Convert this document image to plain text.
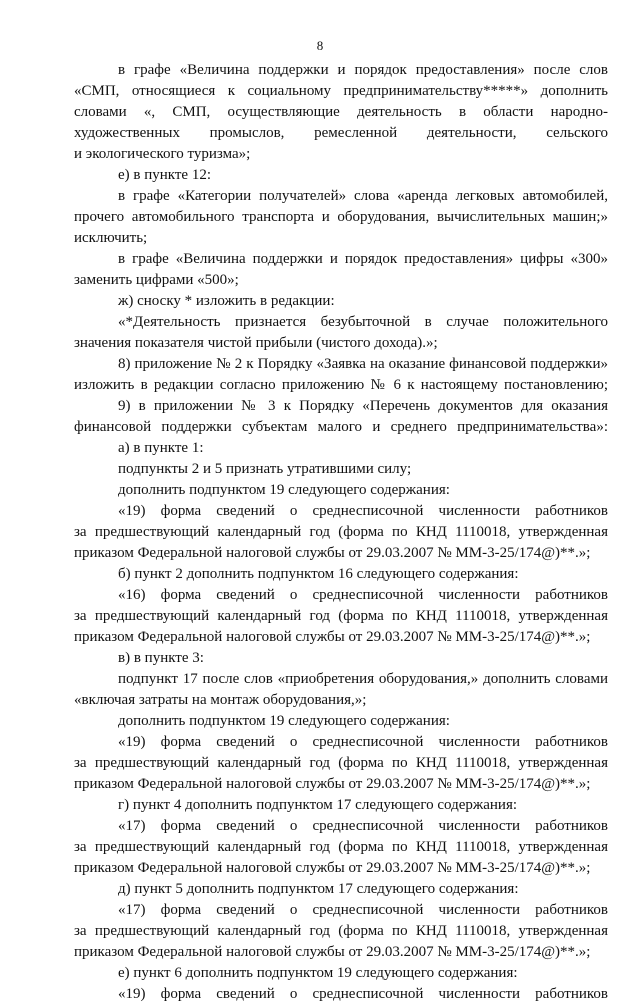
8

в графе «Величина поддержки и порядок предоставления» после слов

«СМП, относящиеся к социальному предпринимательству*****» дополнить

словами «, СМП, осуществляющие деятельность в области народно-

художественных промыслов, ремесленной деятельности, сельского

и экологического туризма»;

е) в пункте 12:

в графе «Категории получателей» слова «аренда легковых автомобилей,

прочего автомобильного транспорта и оборудования, вычислительных машин;»

исключить;

в графе «Величина поддержки и порядок предоставления» цифры «300»

заменить цифрами «500»;

ж) сноску * изложить в редакции:

«*Деятельность признается безубыточной в случае положительного

значения показателя чистой прибыли (чистого дохода).»;

8) приложение № 2 к Порядку «Заявка на оказание финансовой поддержки»

изложить в редакции согласно приложению № 6 к настоящему постановлению;

9) в приложении № 3 к Порядку «Перечень документов для оказания

финансовой поддержки субъектам малого и среднего предпринимательства»:

а) в пункте 1:

подпункты 2 и 5 признать утратившими силу;

дополнить подпунктом 19 следующего содержания:

«19) форма сведений о среднесписочной численности работников

за предшествующий календарный год (форма по КНД 1110018, утвержденная

приказом Федеральной налоговой службы от 29.03.2007 № ММ-3-25/174@)**.»;

б) пункт 2 дополнить подпунктом 16 следующего содержания:

«16) форма сведений о среднесписочной численности работников

за предшествующий календарный год (форма по КНД 1110018, утвержденная

приказом Федеральной налоговой службы от 29.03.2007 № ММ-3-25/174@)**.»;

в) в пункте 3:

подпункт 17 после слов «приобретения оборудования,» дополнить словами

«включая затраты на монтаж оборудования,»;

дополнить подпунктом 19 следующего содержания:

«19) форма сведений о среднесписочной численности работников

за предшествующий календарный год (форма по КНД 1110018, утвержденная

приказом Федеральной налоговой службы от 29.03.2007 № ММ-3-25/174@)**.»;

г) пункт 4 дополнить подпунктом 17 следующего содержания:

«17) форма сведений о среднесписочной численности работников

за предшествующий календарный год (форма по КНД 1110018, утвержденная

приказом Федеральной налоговой службы от 29.03.2007 № ММ-3-25/174@)**.»;

д) пункт 5 дополнить подпунктом 17 следующего содержания:

«17) форма сведений о среднесписочной численности работников

за предшествующий календарный год (форма по КНД 1110018, утвержденная

приказом Федеральной налоговой службы от 29.03.2007 № ММ-3-25/174@)**.»;

е) пункт 6 дополнить подпунктом 19 следующего содержания:

«19) форма сведений о среднесписочной численности работников
